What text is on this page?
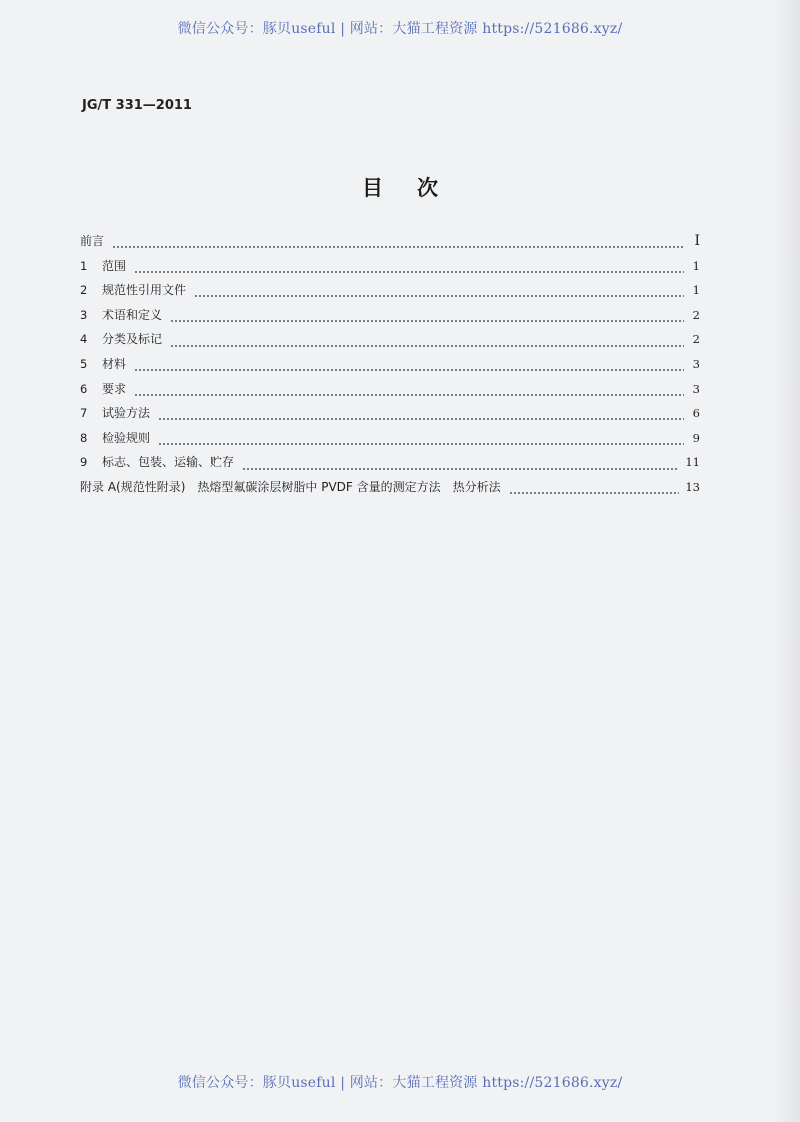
微信公众号：豚贝useful | 网站：大猫工程资源 https://521686.xyz/
JG/T 331—2011
目次
前言	I
1	范围	1
2	规范性引用文件	1
3	术语和定义	2
4	分类及标记	2
5	材料	3
6	要求	3
7	试验方法	6
8	检验规则	9
9	标志、包装、运输、贮存	11
附录 A(规范性附录)　热熔型氟碳涂层树脂中 PVDF 含量的测定方法　热分析法	13
微信公众号：豚贝useful | 网站：大猫工程资源 https://521686.xyz/
